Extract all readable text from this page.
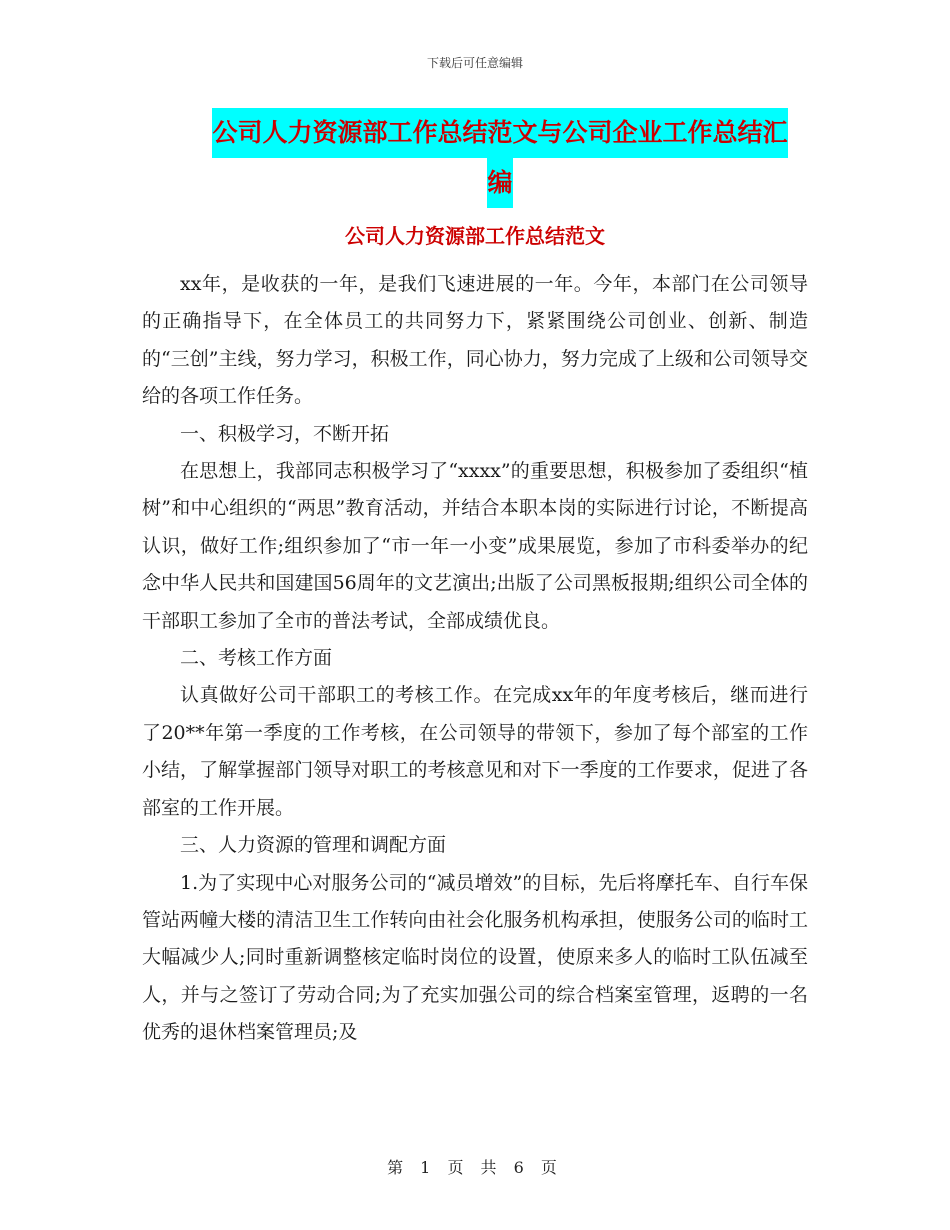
下载后可任意编辑
公司人力资源部工作总结范文与公司企业工作总结汇
编
公司人力资源部工作总结范文

xx年，是收获的一年，是我们飞速进展的一年。今年，本部门在公司领导的正确指导下，在全体员工的共同努力下，紧紧围绕公司创业、创新、制造的“三创”主线，努力学习，积极工作，同心协力，努力完成了上级和公司领导交给的各项工作任务。

一、积极学习，不断开拓

在思想上，我部同志积极学习了“xxxx”的重要思想，积极参加了委组织“植树”和中心组织的“两思”教育活动，并结合本职本岗的实际进行讨论，不断提高认识，做好工作;组织参加了“市一年一小变”成果展览，参加了市科委举办的纪念中华人民共和国建国56周年的文艺演出;出版了公司黑板报期;组织公司全体的干部职工参加了全市的普法考试，全部成绩优良。

二、考核工作方面

认真做好公司干部职工的考核工作。在完成xx年的年度考核后，继而进行了20**年第一季度的工作考核，在公司领导的带领下，参加了每个部室的工作小结，了解掌握部门领导对职工的考核意见和对下一季度的工作要求，促进了各部室的工作开展。

三、人力资源的管理和调配方面

1.为了实现中心对服务公司的“减员增效”的目标，先后将摩托车、自行车保管站两幢大楼的清洁卫生工作转向由社会化服务机构承担，使服务公司的临时工大幅减少人;同时重新调整核定临时岗位的设置，使原来多人的临时工队伍减至人，并与之签订了劳动合同;为了充实加强公司的综合档案室管理，返聘的一名优秀的退休档案管理员;及

第 1 页 共 6 页
